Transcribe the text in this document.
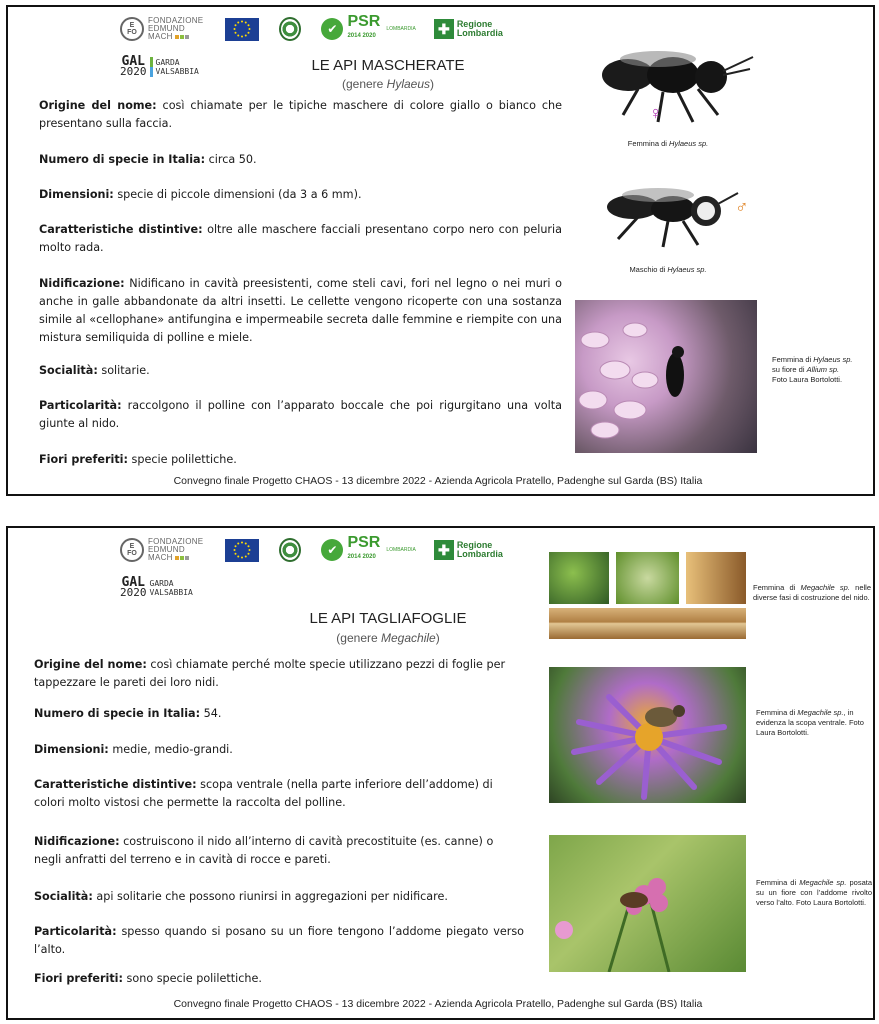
E
FO
FONDAZIONE
EDMUND
MACH
✔ PSR
2014 2020
LOMBARDIA ✚ Regione
Lombardia
GAL
2020
GARDA
VALSABBIA	LE API MASCHERATE
(genere Hylaeus)
Origine del nome: così chiamate per le tipiche maschere di colore giallo o bianco che presentano sulla faccia.
Numero di specie in Italia: circa 50.
Dimensioni: specie di piccole dimensioni (da 3 a 6 mm).
Caratteristiche distintive: oltre alle maschere facciali presentano corpo nero con peluria molto rada.
Nidificazione: Nidificano in cavità preesistenti, come steli cavi, fori nel legno o nei muri o anche in galle abbandonate da altri insetti. Le cellette vengono ricoperte con una sostanza simile al «cellophane» antifungina e impermeabile secreta dalle femmine e riempite con una mistura semiliquida di polline e miele.
Socialità: solitarie.
Particolarità: raccolgono il polline con l’apparato boccale che poi rigurgitano una volta giunte al nido.
Fiori preferiti: specie polilettiche.
♀
Femmina di Hylaeus sp.
♂
Maschio di Hylaeus sp.
Femmina di Hylaeus sp.
su fiore di Allium sp.
Foto Laura Bortolotti.
Convegno finale Progetto CHAOS - 13 dicembre 2022 - Azienda Agricola Pratello, Padenghe sul Garda (BS) Italia
E
FO
FONDAZIONE
EDMUND
MACH
✔ PSR
2014 2020
LOMBARDIA ✚ Regione
Lombardia
GAL
2020
GARDA
VALSABBIA
LE API TAGLIAFOGLIE
(genere Megachile)
Origine del nome: così chiamate perché molte specie utilizzano pezzi di foglie per tappezzare le pareti dei loro nidi.
Numero di specie in Italia: 54.
Dimensioni: medie, medio-grandi.
Caratteristiche distintive: scopa ventrale (nella parte inferiore dell’addome) di colori molto vistosi che permette la raccolta del polline.
Nidificazione: costruiscono il nido all’interno di cavità precostituite (es. canne) o negli anfratti del terreno e in cavità di rocce e pareti.
Socialità: api solitarie che possono riunirsi in aggregazioni per nidificare.
Particolarità: spesso quando si posano su un fiore tengono l’addome piegato verso l’alto.
Fiori preferiti: sono specie polilettiche.
Femmina di Megachile sp. nelle diverse fasi di costruzione del nido.
Femmina di Megachile sp., in evidenza la scopa ventrale. Foto Laura Bortolotti.
Femmina di Megachile sp. posata su un fiore con l’addome rivolto verso l’alto. Foto Laura Bortolotti.
Convegno finale Progetto CHAOS - 13 dicembre 2022 - Azienda Agricola Pratello, Padenghe sul Garda (BS) Italia
